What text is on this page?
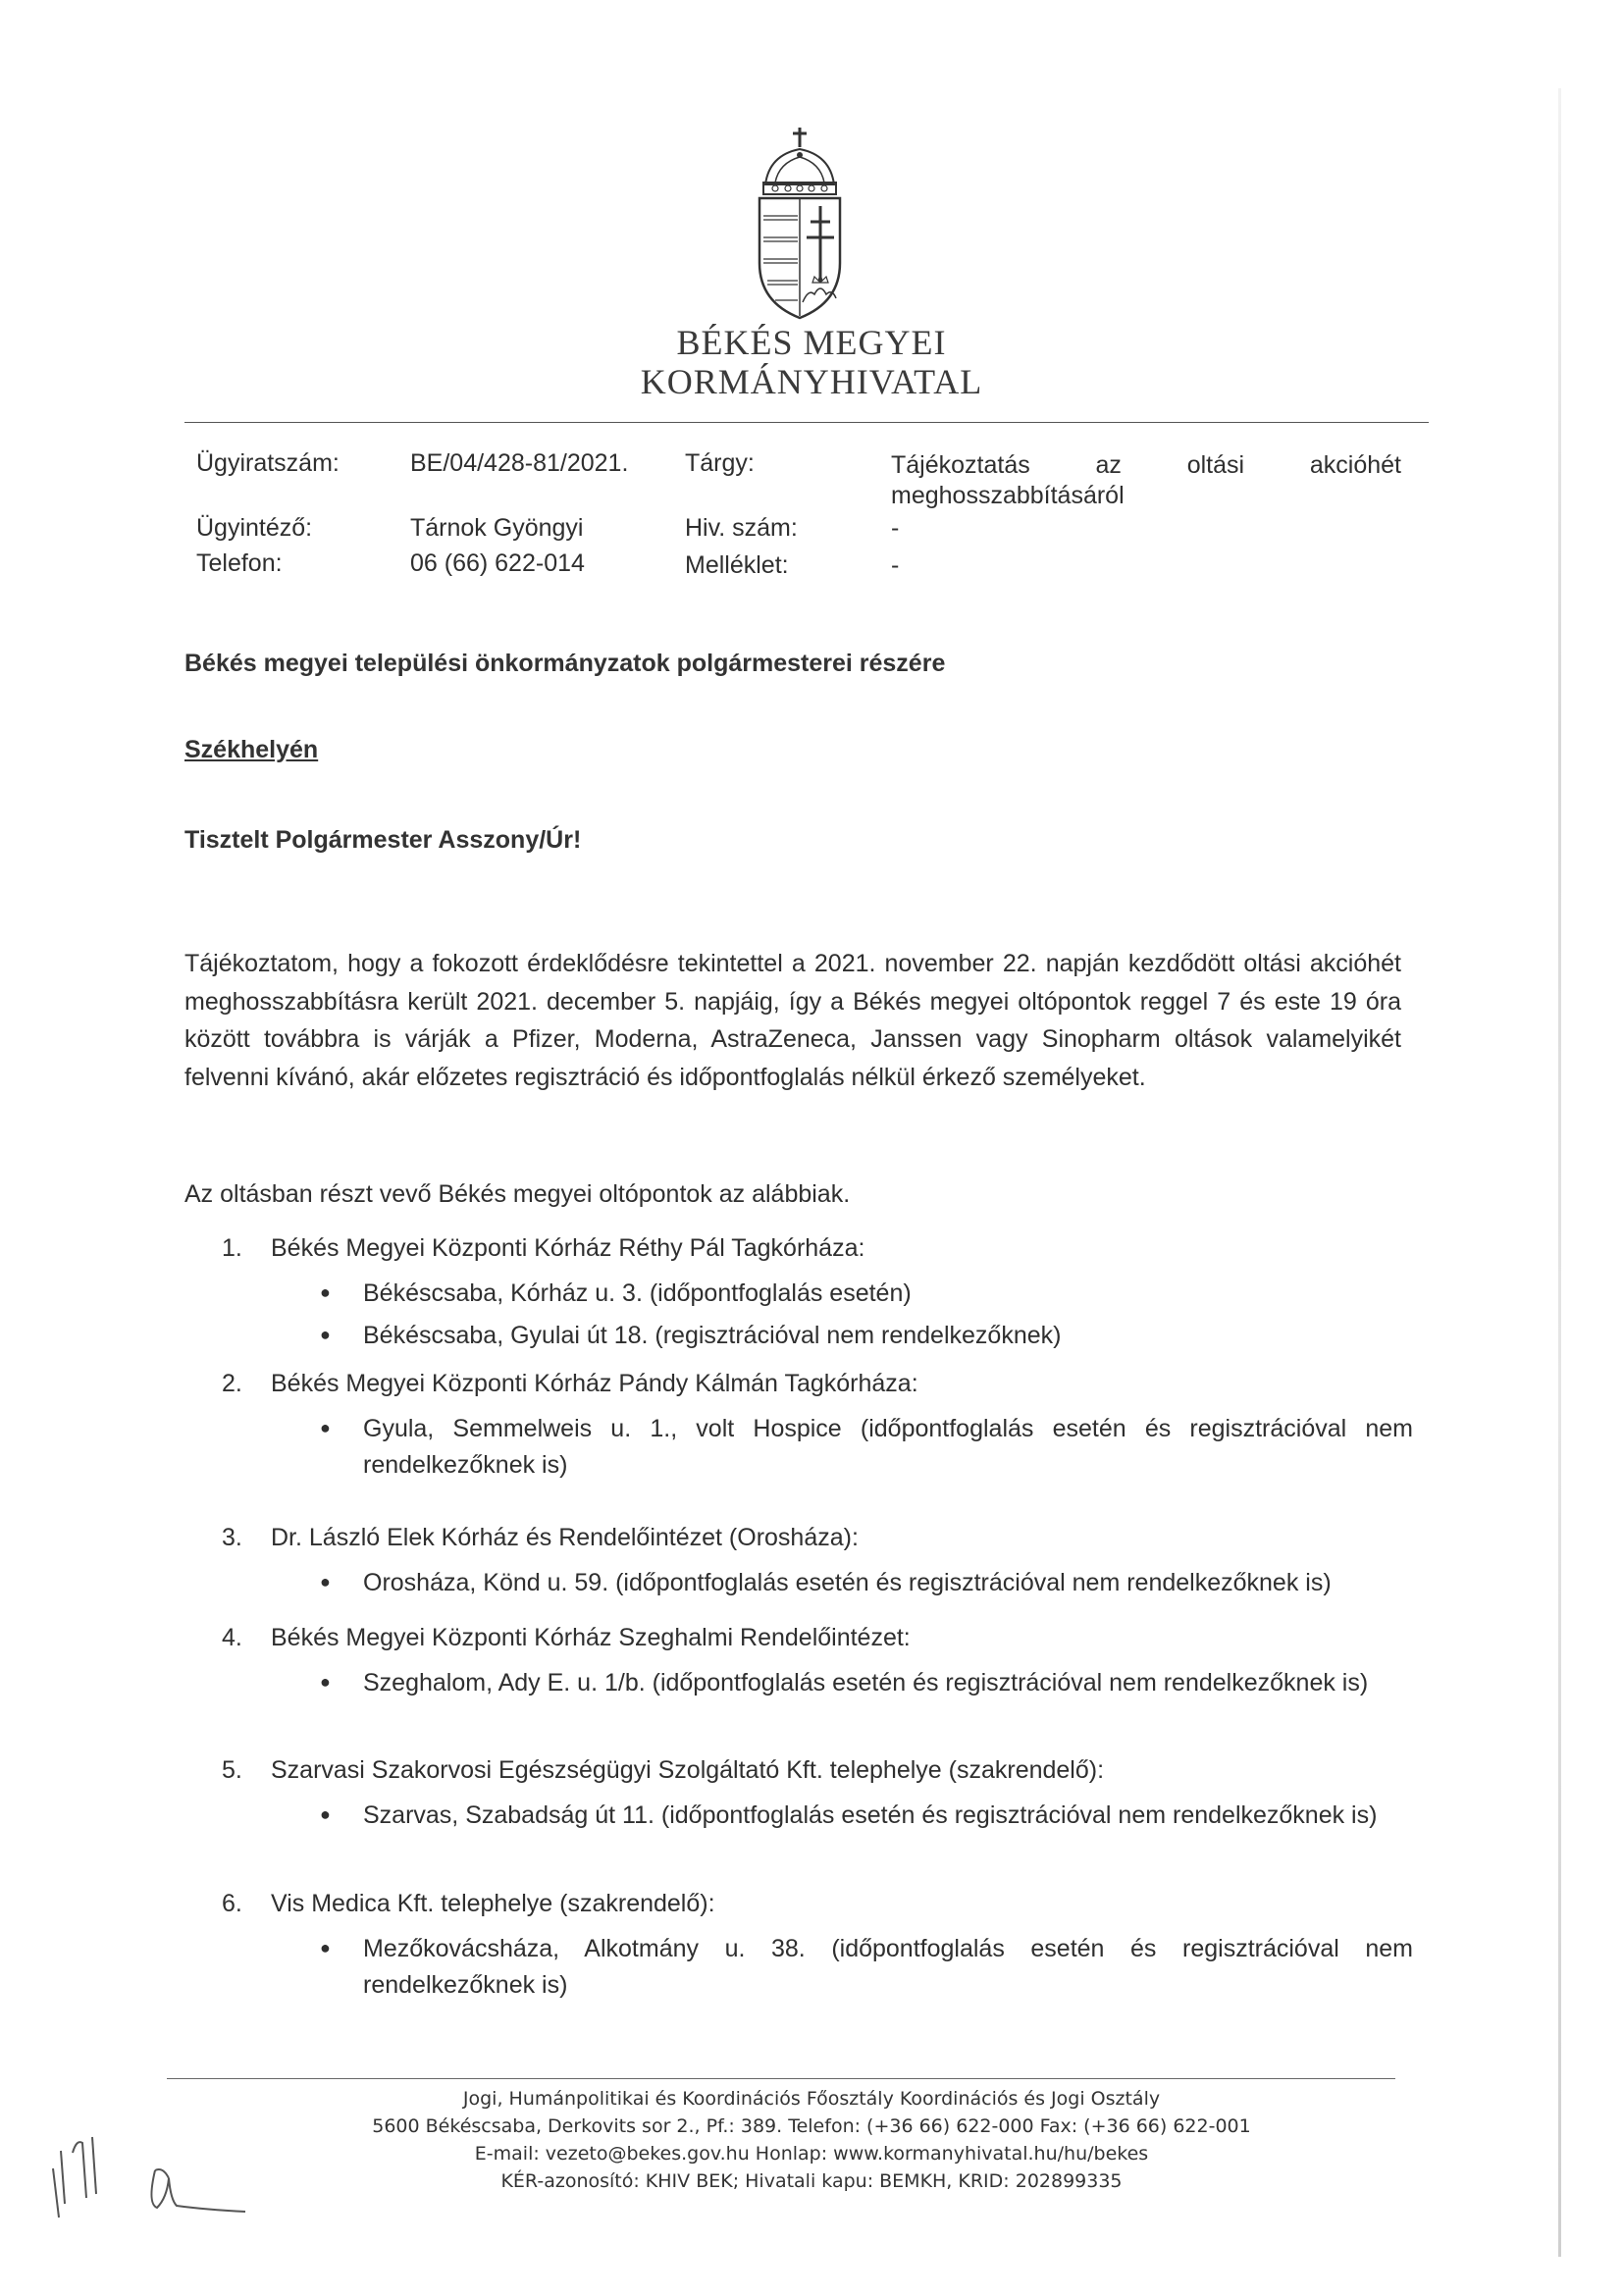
BÉKÉS MEGYEI
KORMÁNYHIVATAL
Ügyiratszám:	BE/04/428-81/2021. Tárgy:	Tájékoztatás az oltási akcióhét
meghosszabbításáról
Ügyintéző:	Tárnok Gyöngyi	Hiv. szám:	-
Telefon:	06 (66) 622-014	Melléklet:	-
Békés megyei települési önkormányzatok polgármesterei részére
Székhelyén
Tisztelt Polgármester Asszony/Úr!
Tájékoztatom, hogy a fokozott érdeklődésre tekintettel a 2021. november 22. napján kezdődött oltási akcióhét meghosszabbításra került 2021. december 5. napjáig, így a Békés megyei oltópontok reggel 7 és este 19 óra között továbbra is várják a Pfizer, Moderna, AstraZeneca, Janssen vagy Sinopharm oltások valamelyikét felvenni kívánó, akár előzetes regisztráció és időpontfoglalás nélkül érkező személyeket.
Az oltásban részt vevő Békés megyei oltópontok az alábbiak.
1. Békés Megyei Központi Kórház Réthy Pál Tagkórháza:
● Békéscsaba, Kórház u. 3. (időpontfoglalás esetén)
● Békéscsaba, Gyulai út 18. (regisztrációval nem rendelkezőknek)
2. Békés Megyei Központi Kórház Pándy Kálmán Tagkórháza:
● Gyula, Semmelweis u. 1., volt Hospice (időpontfoglalás esetén és regisztrációval nem rendelkezőknek is)
3. Dr. László Elek Kórház és Rendelőintézet (Orosháza):
● Orosháza, Könd u. 59. (időpontfoglalás esetén és regisztrációval nem rendelkezőknek is)
4. Békés Megyei Központi Kórház Szeghalmi Rendelőintézet:
● Szeghalom, Ady E. u. 1/b. (időpontfoglalás esetén és regisztrációval nem rendelkezőknek is)
5. Szarvasi Szakorvosi Egészségügyi Szolgáltató Kft. telephelye (szakrendelő):
● Szarvas, Szabadság út 11. (időpontfoglalás esetén és regisztrációval nem rendelkezőknek is)
6. Vis Medica Kft. telephelye (szakrendelő):
● Mezőkovácsháza, Alkotmány u. 38. (időpontfoglalás esetén és regisztrációval nem rendelkezőknek is)
Jogi, Humánpolitikai és Koordinációs Főosztály Koordinációs és Jogi Osztály
5600 Békéscsaba, Derkovits sor 2., Pf.: 389. Telefon: (+36 66) 622-000 Fax: (+36 66) 622-001
E-mail: vezeto@bekes.gov.hu Honlap: www.kormanyhivatal.hu/hu/bekes
KÉR-azonosító: KHIV BEK; Hivatali kapu: BEMKH, KRID: 202899335
